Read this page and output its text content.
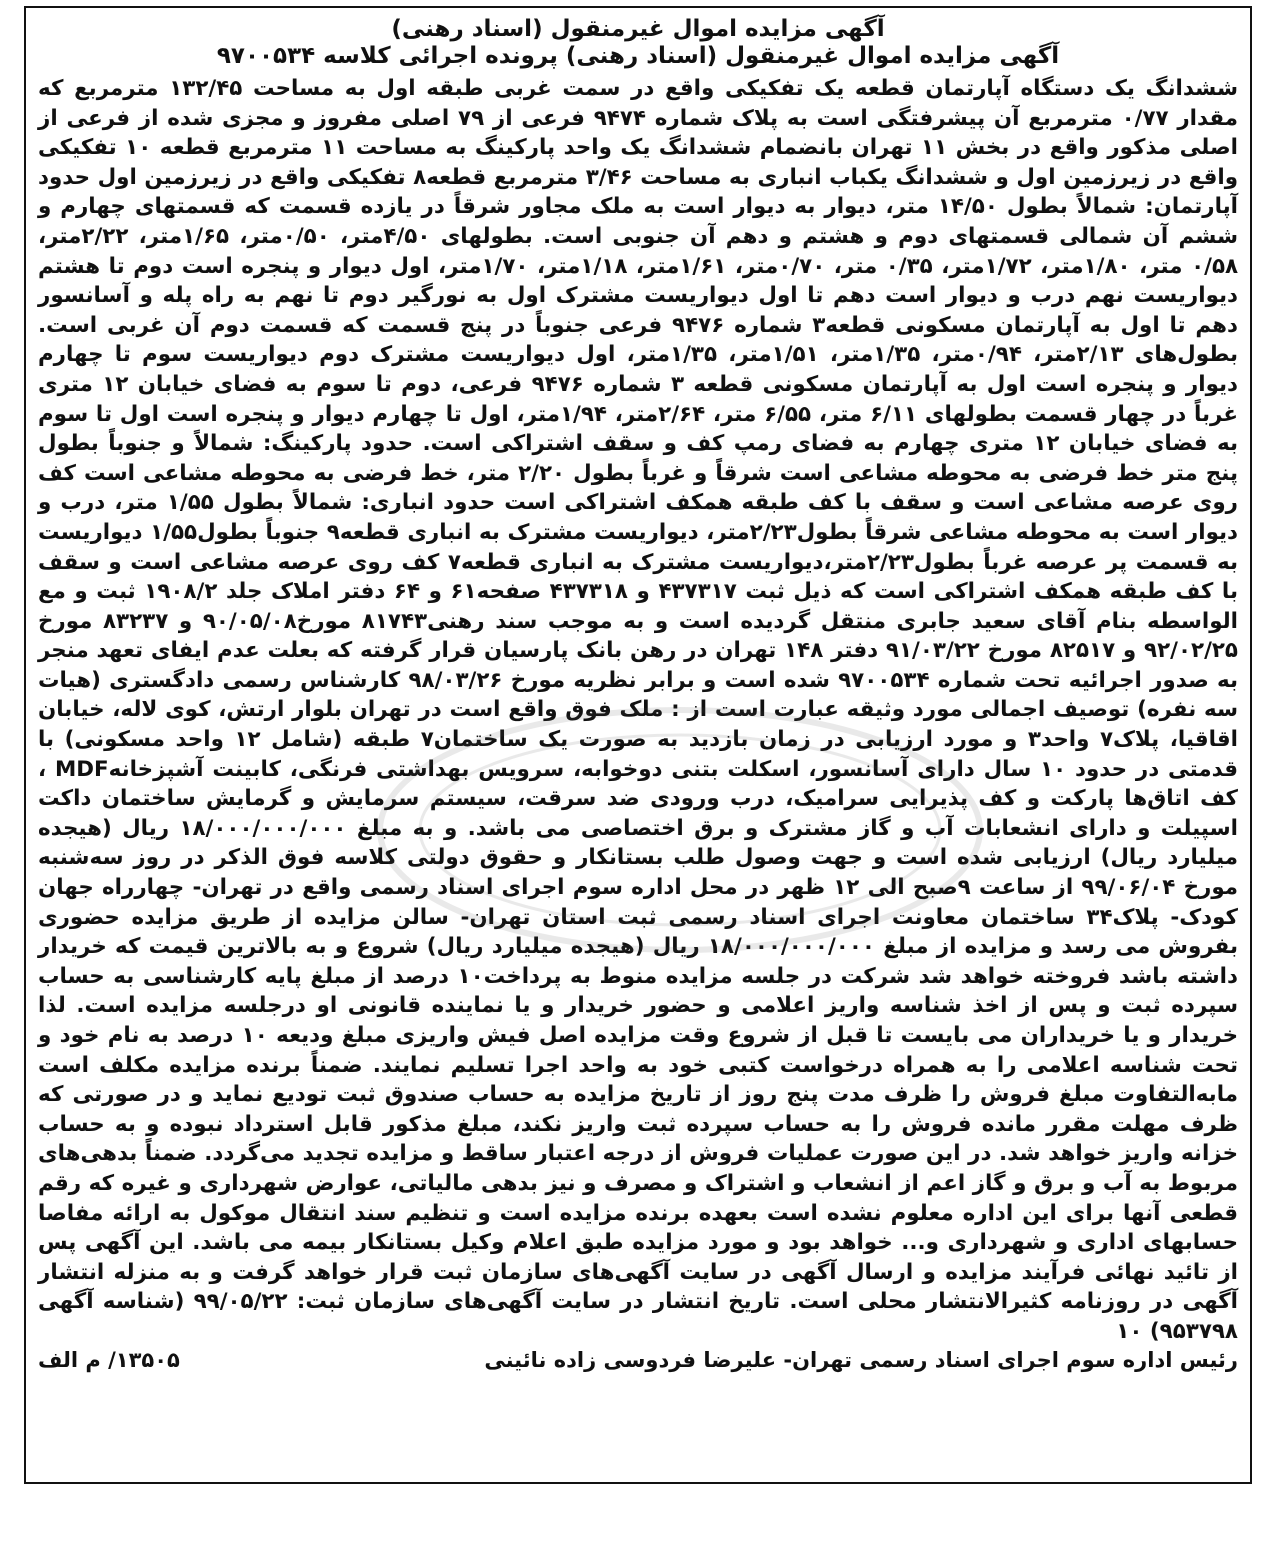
آگهی مزایده اموال غیرمنقول (اسناد رهنی)

آگهی مزایده اموال غیرمنقول (اسناد رهنی) پرونده اجرائی کلاسه ۹۷۰۰۵۳۴

ششدانگ یک دستگاه آپارتمان قطعه یک تفکیکی واقع در سمت غربی طبقه اول به مساحت ۱۳۲/۴۵ مترمربع که مقدار ۰/۷۷ مترمربع آن پیشرفتگی است به پلاک شماره ۹۴۷۴ فرعی از ۷۹ اصلی مفروز و مجزی شده از فرعی از اصلی مذکور واقع در بخش ۱۱ تهران بانضمام ششدانگ یک واحد پارکینگ به مساحت ۱۱ مترمربع قطعه ۱۰ تفکیکی واقع در زیرزمین اول و ششدانگ یکباب انباری به مساحت ۳/۴۶ مترمربع قطعه۸ تفکیکی واقع در زیرزمین اول حدود آپارتمان: شمالاً بطول ۱۴/۵۰ متر، دیوار به دیوار است به ملک مجاور شرقاً در یازده قسمت که قسمتهای چهارم و ششم آن شمالی قسمتهای دوم و هشتم و دهم آن جنوبی است. بطولهای ۴/۵۰متر، ۰/۵۰متر، ۱/۶۵متر، ۲/۲۲متر، ۰/۵۸ متر، ۱/۸۰متر، ۱/۷۲متر، ۰/۳۵ متر، ۰/۷۰متر، ۱/۶۱متر، ۱/۱۸متر، ۱/۷۰متر، اول دیوار و پنجره است دوم تا هشتم دیواریست نهم درب و دیوار است دهم تا اول دیواریست مشترک اول به نورگیر دوم تا نهم به راه پله و آسانسور دهم تا اول به آپارتمان مسکونی قطعه۳ شماره ۹۴۷۶ فرعی جنوباً در پنج قسمت که قسمت دوم آن غربی است. بطول‌های ۲/۱۳متر، ۰/۹۴متر، ۱/۳۵متر، ۱/۵۱متر، ۱/۳۵متر، اول دیواریست مشترک دوم دیواریست سوم تا چهارم دیوار و پنجره است اول به آپارتمان مسکونی قطعه ۳ شماره ۹۴۷۶ فرعی، دوم تا سوم به فضای خیابان ۱۲ متری غرباً در چهار قسمت بطولهای ۶/۱۱ متر، ۶/۵۵ متر، ۲/۶۴متر، ۱/۹۴متر، اول تا چهارم دیوار و پنجره است اول تا سوم به فضای خیابان ۱۲ متری چهارم به فضای رمپ کف و سقف اشتراکی است. حدود پارکینگ: شمالاً و جنوباً بطول پنج متر خط فرضی به محوطه مشاعی است شرقاً و غرباً بطول ۲/۲۰ متر، خط فرضی به محوطه مشاعی است کف روی عرصه مشاعی است و سقف با کف طبقه همکف اشتراکی است حدود انباری: شمالاً بطول ۱/۵۵ متر، درب و دیوار است به محوطه مشاعی شرقاً بطول۲/۲۳متر، دیواریست مشترک به انباری قطعه۹ جنوباً بطول۱/۵۵ دیواریست به قسمت پر عرصه غرباً بطول۲/۲۳متر،دیواریست مشترک به انباری قطعه۷ کف روی عرصه مشاعی است و سقف با کف طبقه همکف اشتراکی است که ذیل ثبت ۴۳۷۳۱۷ و ۴۳۷۳۱۸ صفحه۶۱ و ۶۴ دفتر املاک جلد ۱۹۰۸/۲ ثبت و مع الواسطه بنام آقای سعید جابری منتقل گردیده است و به موجب سند رهنی۸۱۷۴۳ مورخ۹۰/۰۵/۰۸ و ۸۳۲۳۷ مورخ ۹۲/۰۲/۲۵ و ۸۲۵۱۷ مورخ ۹۱/۰۳/۲۲ دفتر ۱۴۸ تهران در رهن بانک پارسیان قرار گرفته که بعلت عدم ایفای تعهد منجر به صدور اجرائیه تحت شماره ۹۷۰۰۵۳۴ شده است و برابر نظریه مورخ ۹۸/۰۳/۲۶ کارشناس رسمی دادگستری (هیات سه نفره) توصیف اجمالی مورد وثیقه عبارت است از : ملک فوق واقع است در تهران بلوار ارتش، کوی لاله، خیابان اقاقیا، پلاک۷ واحد۳ و مورد ارزیابی در زمان بازدید به صورت یک ساختمان۷ طبقه (شامل ۱۲ واحد مسکونی) با قدمتی در حدود ۱۰ سال دارای آسانسور، اسکلت بتنی دوخوابه، سرویس بهداشتی فرنگی، کابینت آشپزخانهMDF ، کف اتاق‌ها پارکت و کف پذیرایی سرامیک، درب ورودی ضد سرقت، سیستم سرمایش و گرمایش ساختمان داکت اسپیلت و دارای انشعابات آب و گاز مشترک و برق اختصاصی می باشد. و به مبلغ ۱۸/۰۰۰/۰۰۰/۰۰۰ ریال (هیجده میلیارد ریال) ارزیابی شده است و جهت وصول طلب بستانکار و حقوق دولتی کلاسه فوق الذکر در روز سه‌شنبه مورخ ۹۹/۰۶/۰۴ از ساعت ۹صبح الی ۱۲ ظهر در محل اداره سوم اجرای اسناد رسمی واقع در تهران- چهارراه جهان کودک- پلاک۳۴ ساختمان معاونت اجرای اسناد رسمی ثبت استان تهران- سالن مزایده از طریق مزایده حضوری بفروش می رسد و مزایده از مبلغ ۱۸/۰۰۰/۰۰۰/۰۰۰ ریال (هیجده میلیارد ریال) شروع و به بالاترین قیمت که خریدار داشته باشد فروخته خواهد شد شرکت در جلسه مزایده منوط به پرداخت۱۰ درصد از مبلغ پایه کارشناسی به حساب سپرده ثبت و پس از اخذ شناسه واریز اعلامی و حضور خریدار و یا نماینده قانونی او درجلسه مزایده است. لذا خریدار و یا خریداران می بایست تا قبل از شروع وقت مزایده اصل فیش واریزی مبلغ ودیعه ۱۰ درصد به نام خود و تحت شناسه اعلامی را به همراه درخواست کتبی خود به واحد اجرا تسلیم نمایند. ضمناً برنده مزایده مکلف است مابه‌التفاوت مبلغ فروش را ظرف مدت پنج روز از تاریخ مزایده به حساب صندوق ثبت تودیع نماید و در صورتی که ظرف مهلت مقرر مانده فروش را به حساب سپرده ثبت واریز نکند، مبلغ مذکور قابل استرداد نبوده و به حساب خزانه واریز خواهد شد. در این صورت عملیات فروش از درجه اعتبار ساقط و مزایده تجدید می‌گردد. ضمناً بدهی‌های مربوط به آب و برق و گاز اعم از انشعاب و اشتراک و مصرف و نیز بدهی مالیاتی، عوارض شهرداری و غیره که رقم قطعی آنها برای این اداره معلوم نشده است بعهده برنده مزایده است و تنظیم سند انتقال موکول به ارائه مفاصا حسابهای اداری و شهرداری و... خواهد بود و مورد مزایده طبق اعلام وکیل بستانکار بیمه می باشد. این آگهی پس از تائید نهائی فرآیند مزایده و ارسال آگهی در سایت آگهی‌های سازمان ثبت قرار خواهد گرفت و به منزله انتشار آگهی در روزنامه کثیرالانتشار محلی است. تاریخ انتشار در سایت آگهی‌های سازمان ثبت: ۹۹/۰۵/۲۲ (شناسه آگهی ۹۵۳۷۹۸) ۱۰

رئیس اداره سوم اجرای اسناد رسمی تهران- علیرضا فردوسی زاده نائینی
۱۳۵۰۵/ م الف
